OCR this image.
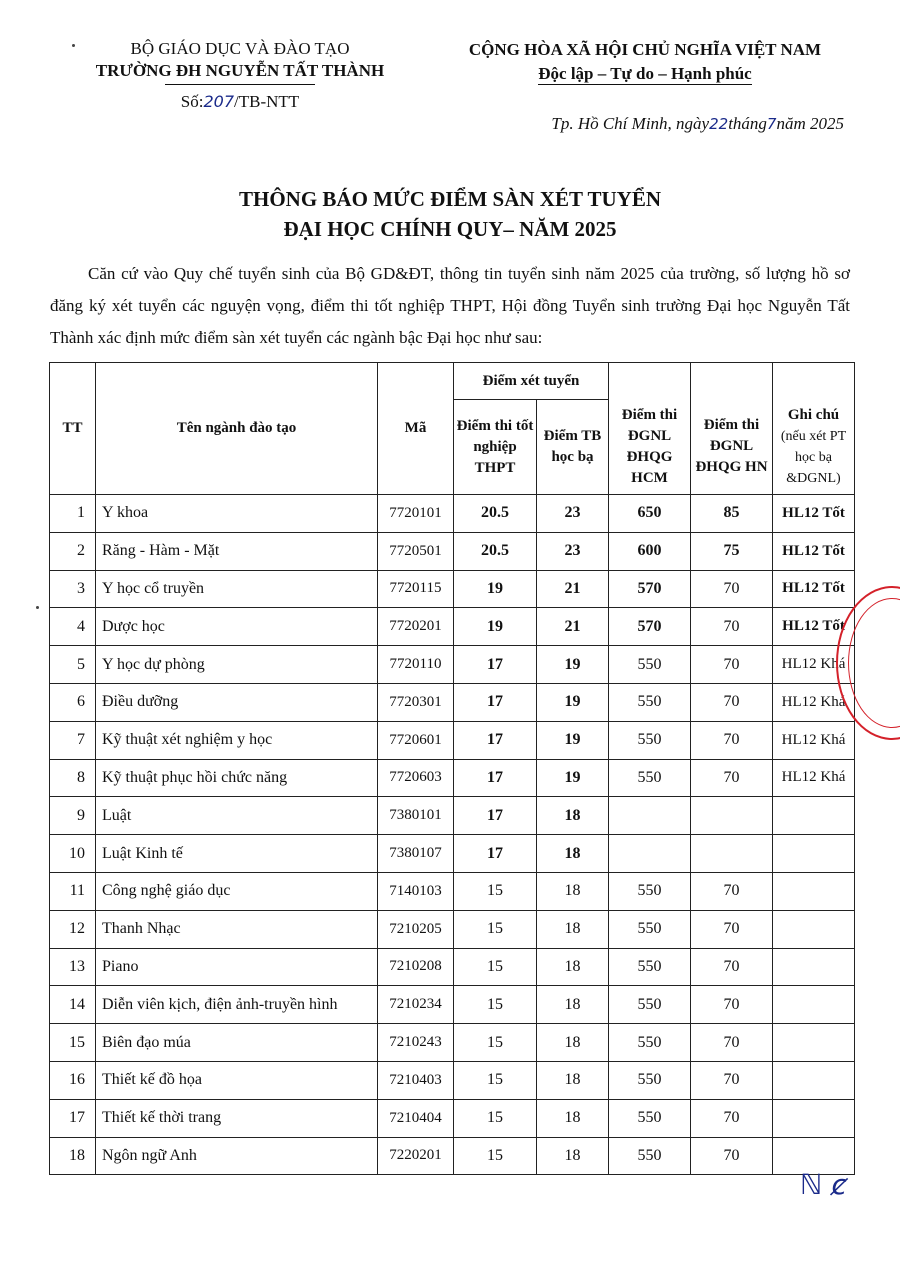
BỘ GIÁO DỤC VÀ ĐÀO TẠO
TRƯỜNG ĐH NGUYỄN TẤT THÀNH
Số:207/TB-NTT
CỘNG HÒA XÃ HỘI CHỦ NGHĨA VIỆT NAM
Độc lập – Tự do – Hạnh phúc
Tp. Hồ Chí Minh, ngày22tháng7năm 2025
THÔNG BÁO MỨC ĐIỂM SÀN XÉT TUYỂN
ĐẠI HỌC CHÍNH QUY– NĂM 2025

Căn cứ vào Quy chế tuyển sinh của Bộ GD&ĐT, thông tin tuyển sinh năm 2025 của trường, số lượng hồ sơ đăng ký xét tuyển các nguyện vọng, điểm thi tốt nghiệp THPT, Hội đồng Tuyển sinh trường Đại học Nguyễn Tất Thành xác định mức điểm sàn xét tuyển các ngành bậc Đại học như sau:

TT	Tên ngành đào tạo	Mã	Điểm xét tuyển				
			Điểm thi tốt nghiệp THPT	Điểm TB học bạ	Điểm thi ĐGNL ĐHQG HCM	Điểm thi ĐGNL ĐHQG HN	Ghi chú
(nếu xét PT học bạ &DGNL)

1	Y khoa	7720101	20.5	23	650	85	HL12 Tốt
2	Răng - Hàm - Mặt	7720501	20.5	23	600	75	HL12 Tốt
3	Y học cổ truyền	7720115	19	21	570	70	HL12 Tốt
4	Dược học	7720201	19	21	570	70	HL12 Tốt
5	Y học dự phòng	7720110	17	19	550	70	HL12 Khá
6	Điều dưỡng	7720301	17	19	550	70	HL12 Khá
7	Kỹ thuật xét nghiệm y học	7720601	17	19	550	70	HL12 Khá
8	Kỹ thuật phục hồi chức năng	7720603	17	19	550	70	HL12 Khá
9	Luật	7380101	17	18			
10	Luật Kinh tế	7380107	17	18			
11	Công nghệ giáo dục	7140103	15	18	550	70	
12	Thanh Nhạc	7210205	15	18	550	70	
13	Piano	7210208	15	18	550	70	
14	Diễn viên kịch, điện ảnh-truyền hình	7210234	15	18	550	70	
15	Biên đạo múa	7210243	15	18	550	70	
16	Thiết kế đồ họa	7210403	15	18	550	70	
17	Thiết kế thời trang	7210404	15	18	550	70	
18	Ngôn ngữ Anh	7220201	15	18	550	70	
ℕ ȼ
